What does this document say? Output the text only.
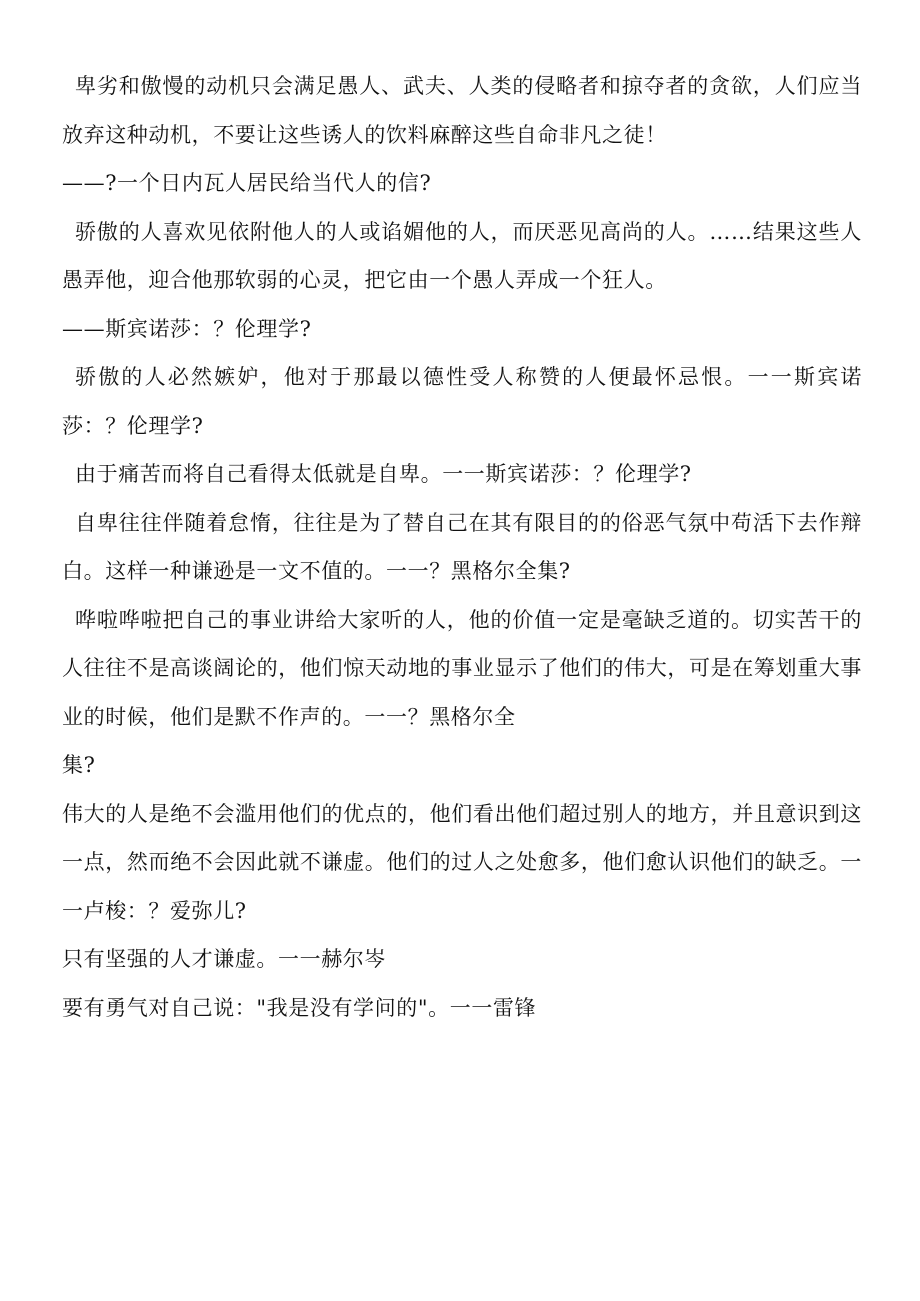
卑劣和傲慢的动机只会满足愚人、武夫、人类的侵略者和掠夺者的贪欲，人们应当放弃这种动机，不要让这些诱人的饮料麻醉这些自命非凡之徒！

——?一个日内瓦人居民给当代人的信?

骄傲的人喜欢见依附他人的人或谄媚他的人，而厌恶见高尚的人。……结果这些人愚弄他，迎合他那软弱的心灵，把它由一个愚人弄成一个狂人。

——斯宾诺莎：？伦理学?

骄傲的人必然嫉妒，他对于那最以德性受人称赞的人便最怀忌恨。一一斯宾诺莎：？伦理学?

由于痛苦而将自己看得太低就是自卑。一一斯宾诺莎：？伦理学?

自卑往往伴随着怠惰，往往是为了替自己在其有限目的的俗恶气氛中苟活下去作辩白。这样一种谦逊是一文不值的。一一？黑格尔全集?

哗啦哗啦把自己的事业讲给大家听的人，他的价值一定是毫缺乏道的。切实苦干的人往往不是高谈阔论的，他们惊天动地的事业显示了他们的伟大，可是在筹划重大事业的时候，他们是默不作声的。一一？黑格尔全

集?

伟大的人是绝不会滥用他们的优点的，他们看出他们超过别人的地方，并且意识到这一点，然而绝不会因此就不谦虚。他们的过人之处愈多，他们愈认识他们的缺乏。一一卢梭：？爱弥儿?

只有坚强的人才谦虚。一一赫尔岑

要有勇气对自己说："我是没有学问的"。一一雷锋
